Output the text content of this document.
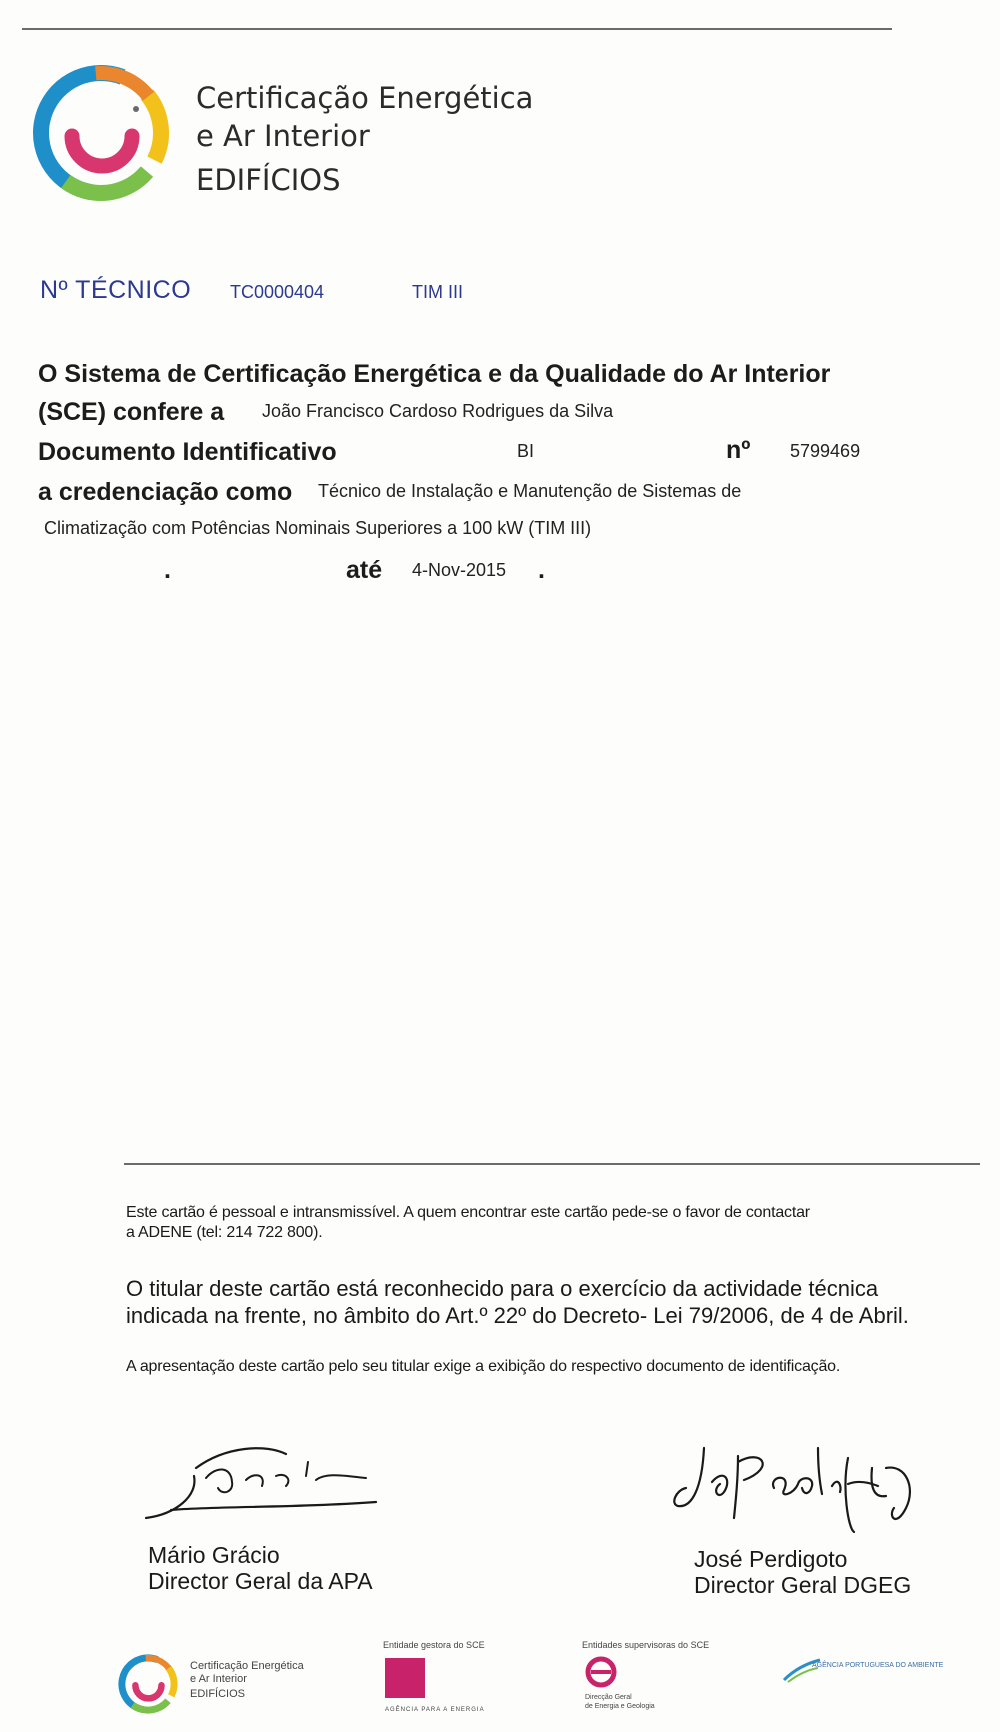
Certificação Energética
e Ar Interior
EDIFÍCIOS
Nº TÉCNICO TC0000404	TIM III
O Sistema de Certificação Energética e da Qualidade do Ar Interior
(SCE) confere a João Francisco Cardoso Rodrigues da Silva
Documento Identificativo	BI	nº 5799469
a credenciação como Técnico de Instalação e Manutenção de Sistemas de
Climatização com Potências Nominais Superiores a 100 kW (TIM III)
.	até 4-Nov-2015 .
Este cartão é pessoal e intransmissível. A quem encontrar este cartão pede-se o favor de contactar
a ADENE (tel: 214 722 800).
O titular deste cartão está reconhecido para o exercício da actividade técnica
indicada na frente, no âmbito do Art.º 22º do Decreto- Lei 79/2006, de 4 de Abril.
A apresentação deste cartão pelo seu titular exige a exibição do respectivo documento de identificação.
Mário Grácio
Director Geral da APA
José Perdigoto
Director Geral DGEG
Certificação Energética
e Ar Interior
EDIFÍCIOS
Entidade gestora do SCE
AGÊNCIA PARA A ENERGIA
Entidades supervisoras do SCE
Direcção Geral
de Energia e Geologia
AGÊNCIA PORTUGUESA DO AMBIENTE
